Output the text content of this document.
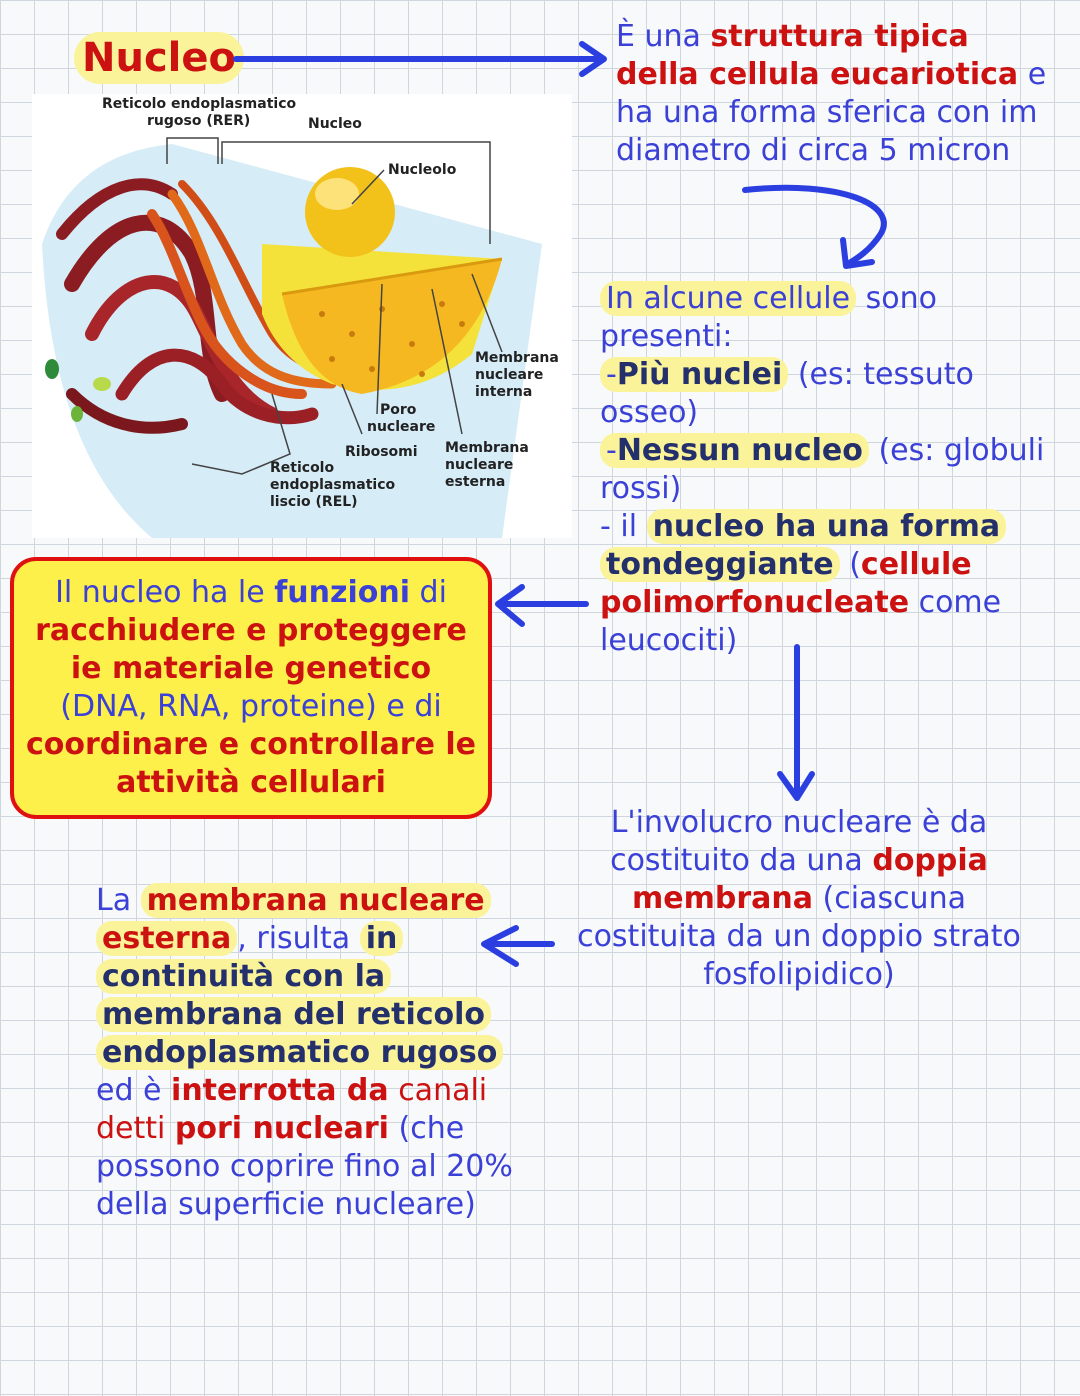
Nucleo
Reticolo endoplasmatico rugoso (RER)	Nucleo
Nucleolo
Membrana nucleare interna
Poro nucleare
Ribosomi Membrana nucleare esterna
Reticolo endoplasmatico liscio (REL)
È una struttura tipica della cellula eucariotica e ha una forma sferica con im diametro di circa 5 micron
In alcune cellule sono presenti:
-Più nuclei (es: tessuto osseo)
-Nessun nucleo (es: globuli rossi)
- il nucleo ha una forma tondeggiante (cellule polimorfonucleate come leucociti)
Il nucleo ha le funzioni di racchiudere e proteggere ie materiale genetico (DNA, RNA, proteine) e di coordinare e controllare le attività cellulari
L'involucro nucleare è da costituito da una doppia membrana (ciascuna costituita da un doppio strato fosfolipidico)
La membrana nucleare esterna , risulta in continuità con la membrana del reticolo endoplasmatico rugoso ed è interrotta da canali detti pori nucleari (che possono coprire fino al 20% della superficie nucleare)
